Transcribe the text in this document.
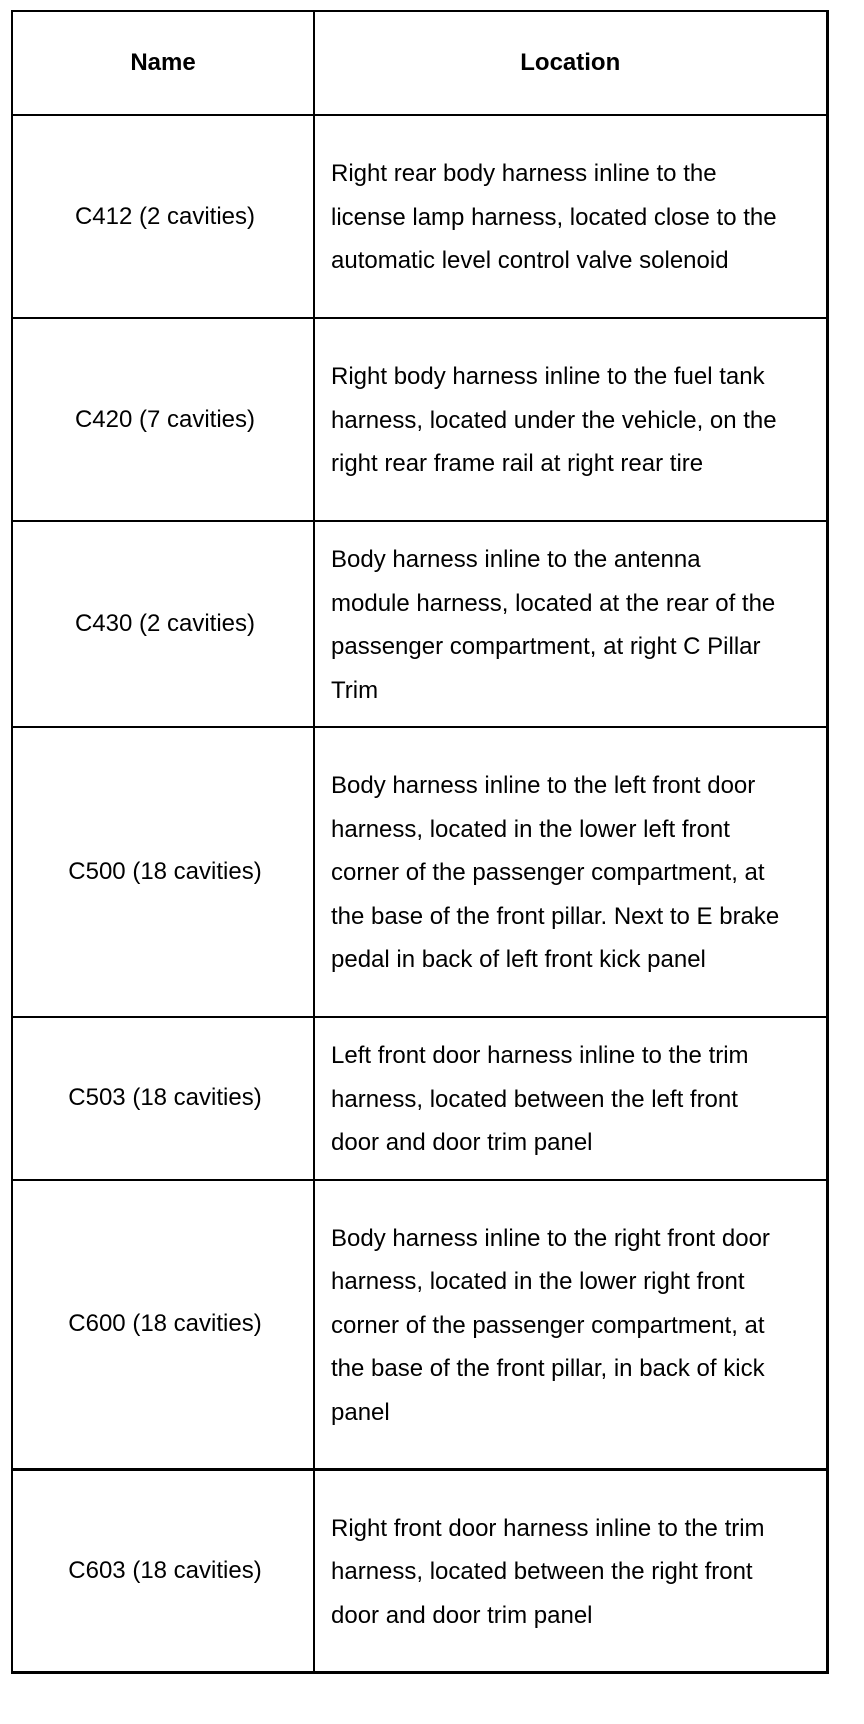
Name	Location
C412 (2 cavities)	Right rear body harness inline to the license lamp harness, located close to the automatic level control valve solenoid
C420 (7 cavities)	Right body harness inline to the fuel tank harness, located under the vehicle, on the right rear frame rail at right rear tire
C430 (2 cavities)	Body harness inline to the antenna module harness, located at the rear of the passenger compartment, at right C Pillar Trim
C500 (18 cavities)	Body harness inline to the left front door harness, located in the lower left front corner of the passenger compartment, at the base of the front pillar. Next to E brake pedal in back of left front kick panel
C503 (18 cavities)	Left front door harness inline to the trim harness, located between the left front door and door trim panel
C600 (18 cavities)	Body harness inline to the right front door harness, located in the lower right front corner of the passenger compartment, at the base of the front pillar, in back of kick panel
C603 (18 cavities)	Right front door harness inline to the trim harness, located between the right front door and door trim panel
